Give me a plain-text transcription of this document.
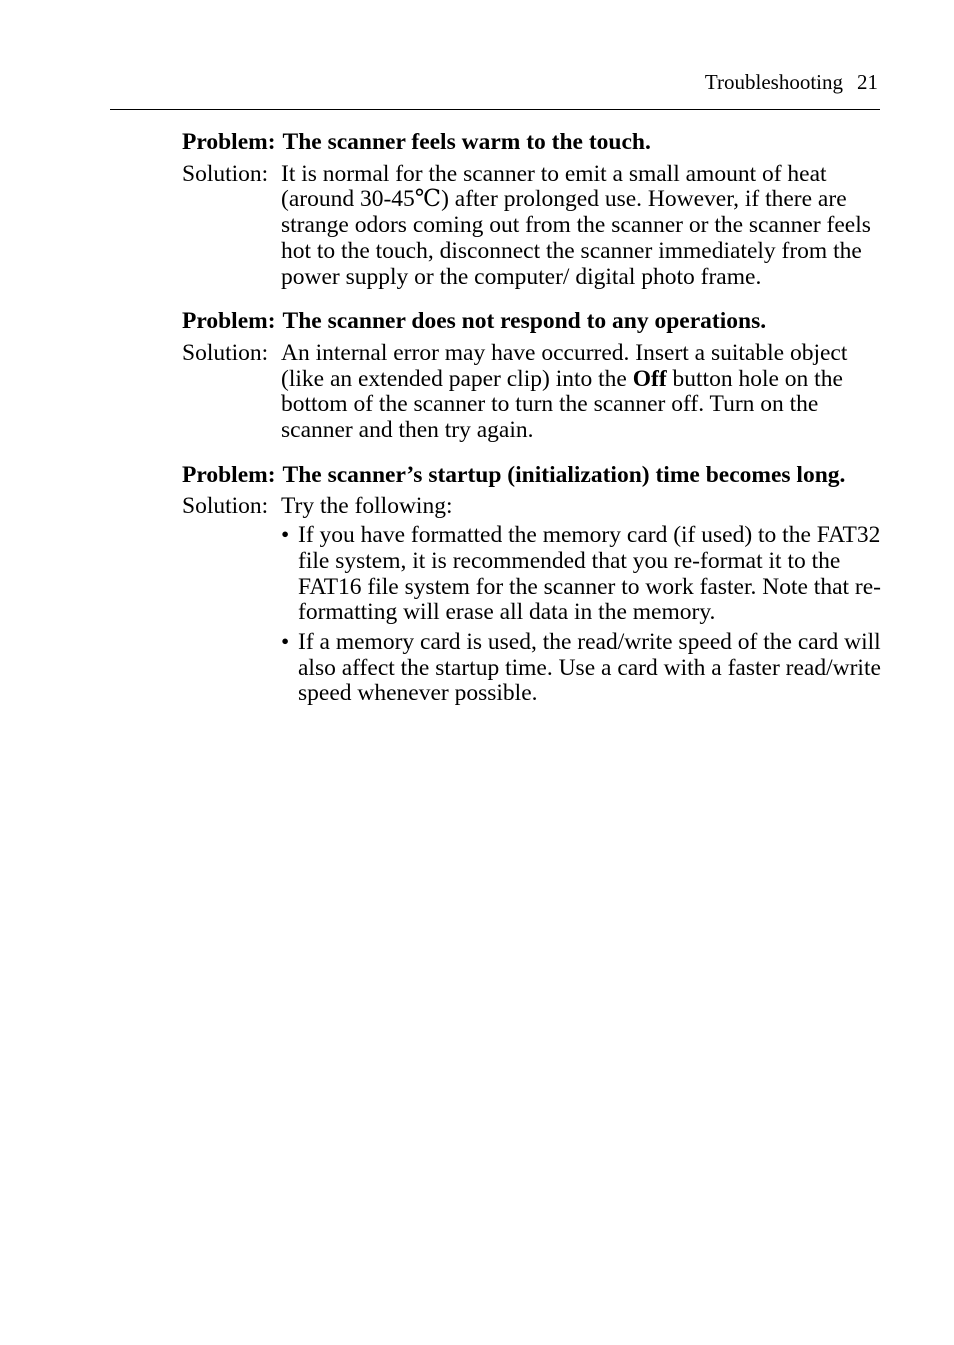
Troubleshooting 21
Problem: The scanner feels warm to the touch.
Solution: It is normal for the scanner to emit a small amount of heat (around 30-45℃) after prolonged use. However, if there are strange odors coming out from the scanner or the scanner feels hot to the touch, disconnect the scanner immediately from the power supply or the computer/ digital photo frame.
Problem: The scanner does not respond to any operations.
Solution: An internal error may have occurred. Insert a suitable object (like an extended paper clip) into the Off button hole on the bottom of the scanner to turn the scanner off. Turn on the scanner and then try again.
Problem: The scanner’s startup (initialization) time becomes long.
Solution: Try the following:
• If you have formatted the memory card (if used) to the FAT32 file system, it is recommended that you re-format it to the FAT16 file system for the scanner to work faster. Note that re-formatting will erase all data in the memory.
• If a memory card is used, the read/write speed of the card will also affect the startup time. Use a card with a faster read/write speed whenever possible.
